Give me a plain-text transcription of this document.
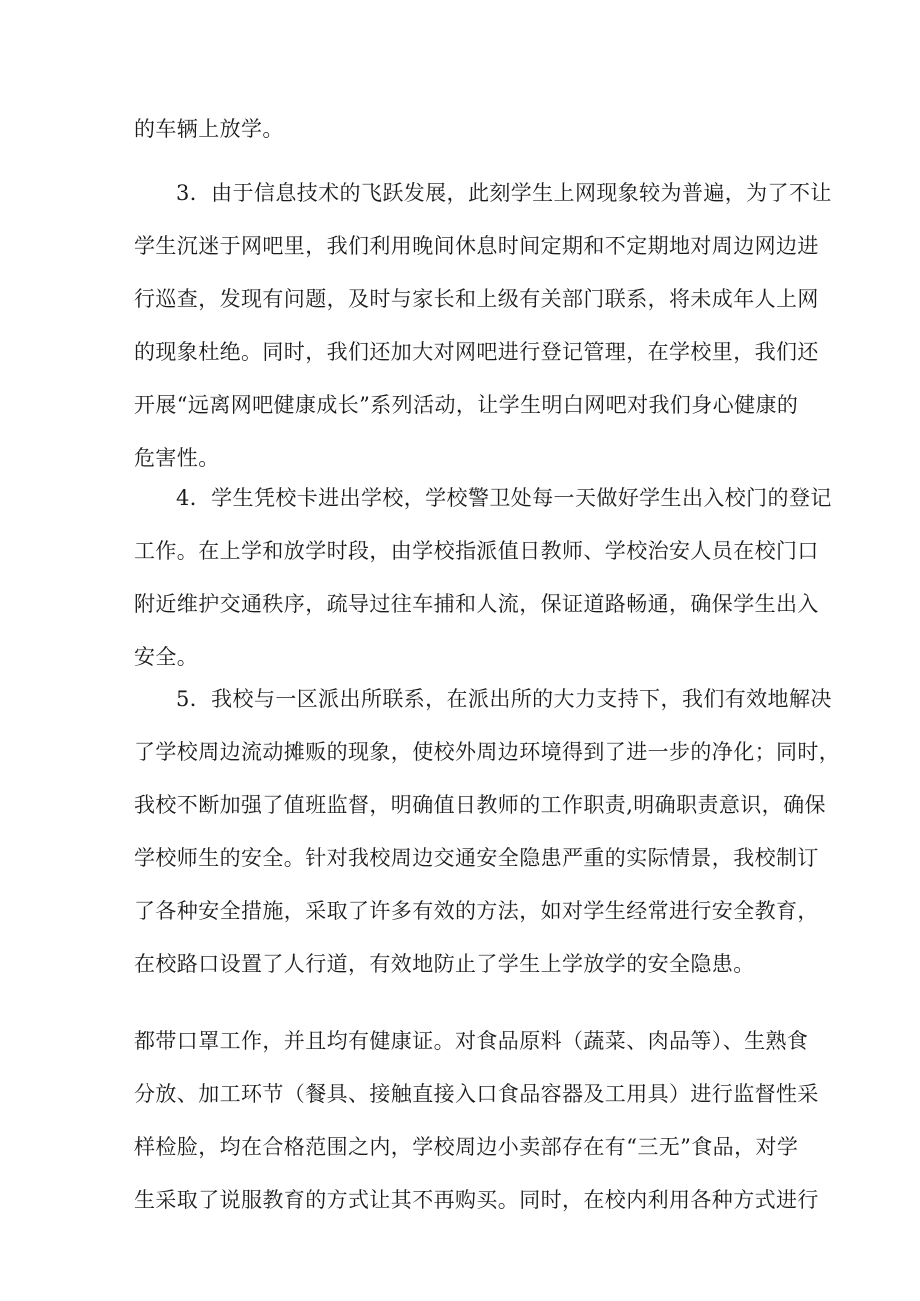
的车辆上放学。
3．由于信息技术的飞跃发展，此刻学生上网现象较为普遍，为了不让
学生沉迷于网吧里，我们利用晚间休息时间定期和不定期地对周边网边进
行巡查，发现有问题，及时与家长和上级有关部门联系，将未成年人上网
的现象杜绝。同时，我们还加大对网吧进行登记管理，在学校里，我们还
开展“远离网吧健康成长”系列活动，让学生明白网吧对我们身心健康的
危害性。
4．学生凭校卡进出学校，学校警卫处每一天做好学生出入校门的登记
工作。在上学和放学时段，由学校指派值日教师、学校治安人员在校门口
附近维护交通秩序，疏导过往车捕和人流，保证道路畅通，确保学生出入
安全。
5．我校与一区派出所联系，在派出所的大力支持下，我们有效地解决
了学校周边流动摊贩的现象，使校外周边环境得到了进一步的净化；同时，
我校不断加强了值班监督，明确值日教师的工作职责,明确职责意识，确保
学校师生的安全。针对我校周边交通安全隐患严重的实际情景，我校制订
了各种安全措施，采取了许多有效的方法，如对学生经常进行安全教育，
在校路口设置了人行道，有效地防止了学生上学放学的安全隐患。
都带口罩工作，并且均有健康证。对食品原料（蔬菜、肉品等）、生熟食
分放、加工环节（餐具、接触直接入口食品容器及工用具）进行监督性采
样检脸，均在合格范围之内，学校周边小卖部存在有“三无”食品，对学
生采取了说服教育的方式让其不再购买。同时，在校内利用各种方式进行
